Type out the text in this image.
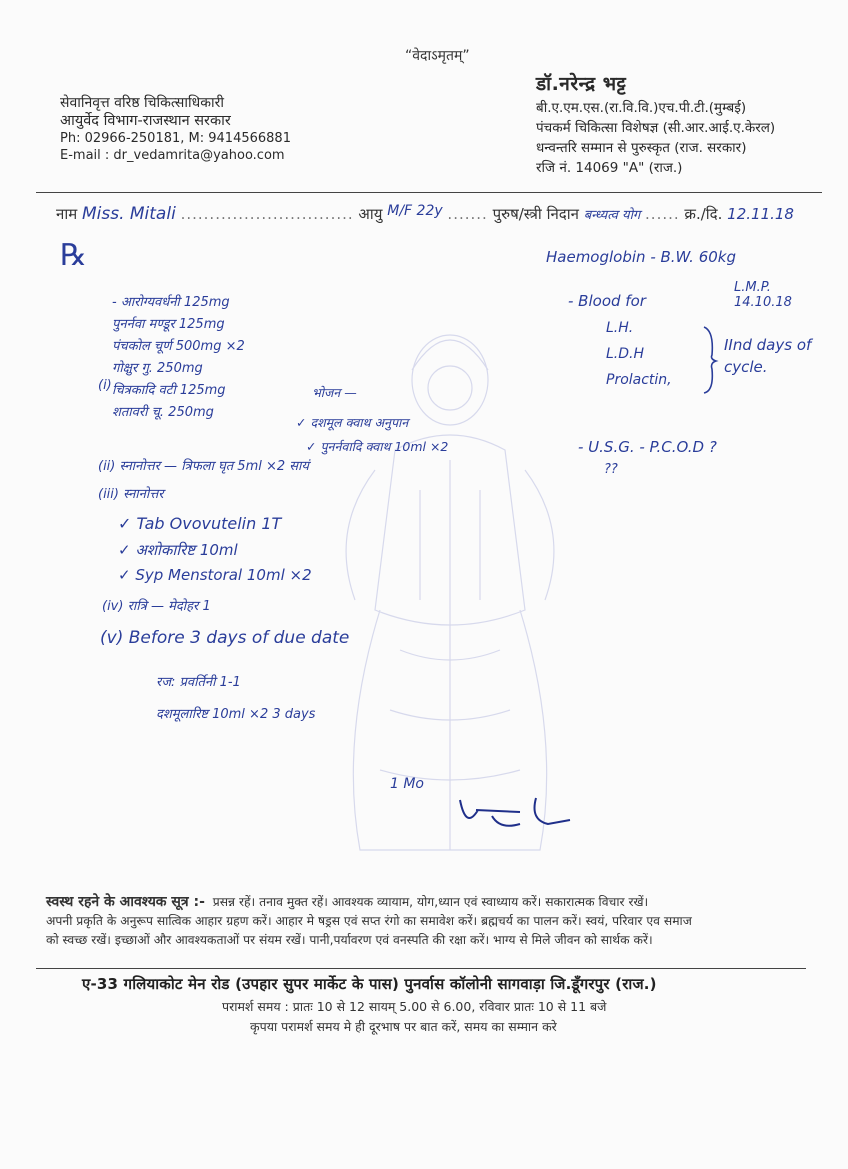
“वेदाऽमृतम्”
सेवानिवृत्त वरिष्ठ चिकित्साधिकारी
आयुर्वेद विभाग-राजस्थान सरकार
Ph: 02966-250181, M: 9414566881
E-mail : dr_vedamrita@yahoo.com
डॉ.नरेन्द्र भट्ट
बी.ए.एम.एस.(रा.वि.वि.)एच.पी.टी.(मुम्बई)
पंचकर्म चिकित्सा विशेषज्ञ (सी.आर.आई.ए.केरल)
धन्वन्तरि सम्मान से पुरुस्कृत (राज. सरकार)
रजि नं. 14069 "A" (राज.)
नाम Miss. Mitali .............................. आयु M/F 22y ....... पुरुष/स्त्री निदान बन्ध्यत्व योग ...... क्र./दि. 12.11.18
℞
- आरोग्यवर्धनी 125mg
पुनर्नवा मण्डूर 125mg
पंचकोल चूर्ण 500mg ×2
गोक्षुर गु. 250mg
चित्रकादि वटी 125mg
शतावरी चू. 250mg
(i)	भोजन —
✓ दशमूल क्वाथ अनुपान
✓ पुनर्नवादि क्वाथ 10ml ×2
(ii) स्नानोत्तर — त्रिफला घृत 5ml ×2 सायं
(iii) स्नानोत्तर
✓ Tab Ovovutelin 1T
✓ अशोकारिष्ट 10ml
✓ Syp Menstoral 10ml ×2
(iv) रात्रि — मेदोहर 1
(v) Before 3 days of due date
रज: प्रवर्तिनी 1-1
दशमूलारिष्ट 10ml ×2 3 days
Haemoglobin - B.W. 60kg
L.M.P. 14.10.18
- Blood for
L.H.
L.D.H
Prolactin,
IInd days of cycle.
- U.S.G. - P.C.O.D ?
??
1 Mo
स्वस्थ रहने के आवश्यक सूत्र :- प्रसन्न रहें। तनाव मुक्त रहें। आवश्यक व्यायाम, योग,ध्यान एवं स्वाध्याय करें। सकारात्मक विचार रखें।
अपनी प्रकृति के अनुरूप सात्विक आहार ग्रहण करें। आहार मे षड्रस एवं सप्त रंगो का समावेश करें। ब्रह्मचर्य का पालन करें। स्वयं, परिवार एव समाज
को स्वच्छ रखें। इच्छाओं और आवश्यकताओं पर संयम रखें। पानी,पर्यावरण एवं वनस्पति की रक्षा करें। भाग्य से मिले जीवन को सार्थक करें।
ए-33 गलियाकोट मेन रोड (उपहार सुपर मार्केट के पास) पुनर्वास कॉलोनी सागवाड़ा जि.डूँगरपुर (राज.)
परामर्श समय : प्रातः 10 से 12 सायम् 5.00 से 6.00, रविवार प्रातः 10 से 11 बजे
कृपया परामर्श समय मे ही दूरभाष पर बात करें, समय का सम्मान करे
